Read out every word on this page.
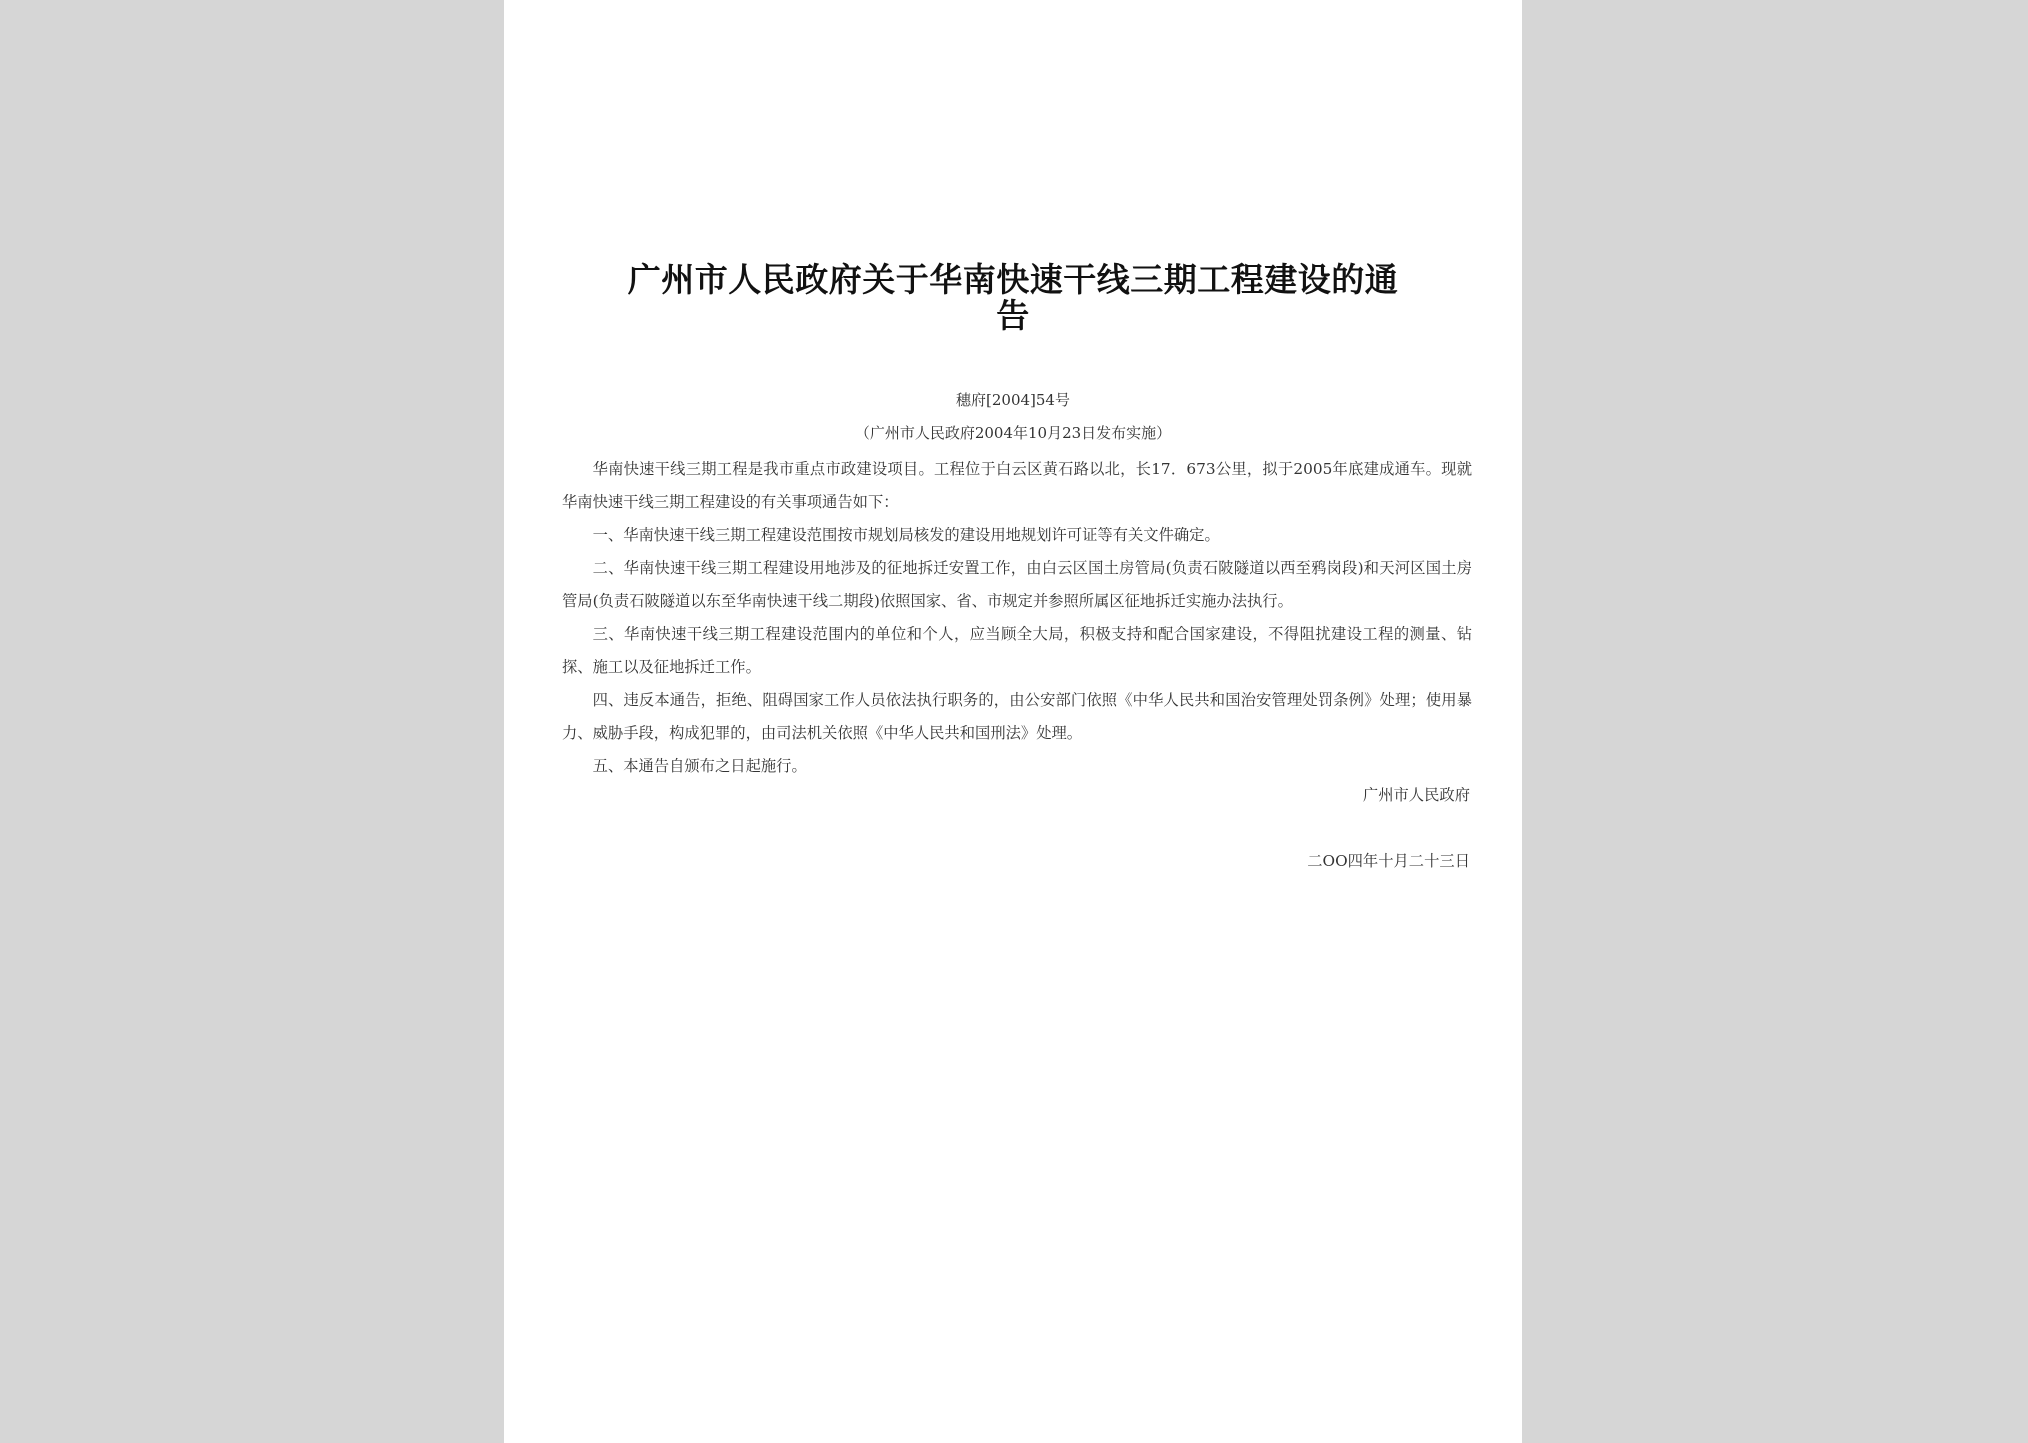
广州市人民政府关于华南快速干线三期工程建设的通
告
穗府[2004]54号
（广州市人民政府2004年10月23日发布实施）

华南快速干线三期工程是我市重点市政建设项目。工程位于白云区黄石路以北，长17．673公里，拟于2005年底建成通车。现就华南快速干线三期工程建设的有关事项通告如下：

一、华南快速干线三期工程建设范围按市规划局核发的建设用地规划许可证等有关文件确定。

二、华南快速干线三期工程建设用地涉及的征地拆迁安置工作，由白云区国土房管局(负责石陂隧道以西至鸦岗段)和天河区国土房管局(负责石陂隧道以东至华南快速干线二期段)依照国家、省、市规定并参照所属区征地拆迁实施办法执行。

三、华南快速干线三期工程建设范围内的单位和个人，应当顾全大局，积极支持和配合国家建设，不得阻扰建设工程的测量、钻探、施工以及征地拆迁工作。

四、违反本通告，拒绝、阻碍国家工作人员依法执行职务的，由公安部门依照《中华人民共和国治安管理处罚条例》处理；使用暴力、威胁手段，构成犯罪的，由司法机关依照《中华人民共和国刑法》处理。

五、本通告自颁布之日起施行。

广州市人民政府
二ΟΟ四年十月二十三日
